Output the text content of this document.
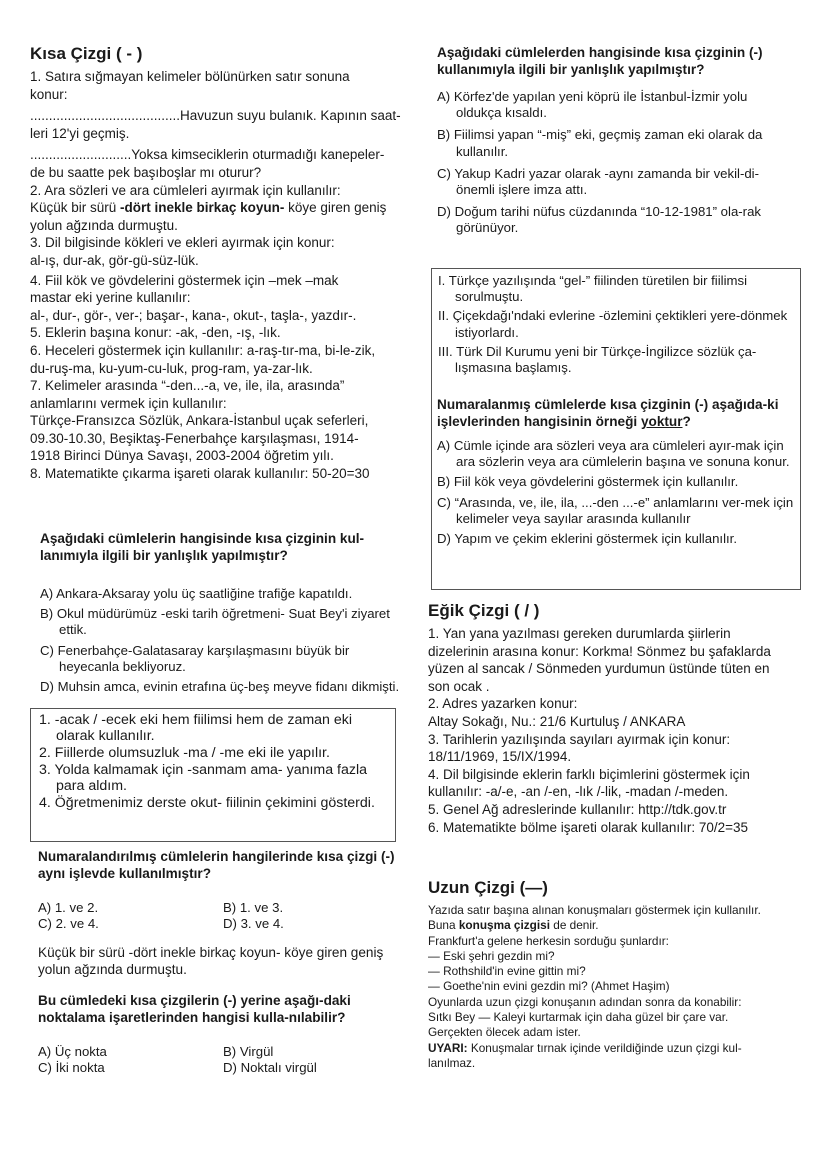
Kısa Çizgi ( - )
1. Satıra sığmayan kelimeler bölünürken satır sonuna
konur:
........................................Havuzun suyu bulanık. Kapının saat-
leri 12'yi geçmiş.
...........................Yoksa kimseciklerin oturmadığı kanepeler-
de bu saatte pek başıboşlar mı oturur?
2. Ara sözleri ve ara cümleleri ayırmak için kullanılır:
Küçük bir sürü -dört inekle birkaç koyun- köye giren geniş
yolun ağzında durmuştu.
3. Dil bilgisinde kökleri ve ekleri ayırmak için konur:
al-ış, dur-ak, gör-gü-süz-lük.
4. Fiil kök ve gövdelerini göstermek için –mek –mak
mastar eki yerine kullanılır:
al-, dur-, gör-, ver-; başar-, kana-, okut-, taşla-, yazdır-.
5. Eklerin başına konur: -ak, -den, -ış, -lık.
6. Heceleri göstermek için kullanılır: a-raş-tır-ma, bi-le-zik,
du-ruş-ma, ku-yum-cu-luk, prog-ram, ya-zar-lık.
7. Kelimeler arasında “-den...-a, ve, ile, ila, arasında”
anlamlarını vermek için kullanılır:
Türkçe-Fransızca Sözlük, Ankara-İstanbul uçak seferleri,
09.30-10.30, Beşiktaş-Fenerbahçe karşılaşması, 1914-
1918 Birinci Dünya Savaşı, 2003-2004 öğretim yılı.
8. Matematikte çıkarma işareti olarak kullanılır: 50-20=30
Aşağıdaki cümlelerin hangisinde kısa çizginin kul-lanımıyla ilgili bir yanlışlık yapılmıştır?
A) Ankara-Aksaray yolu üç saatliğine trafiğe kapatıldı.
B) Okul müdürümüz -eski tarih öğretmeni- Suat Bey'i ziyaret ettik.
C) Fenerbahçe-Galatasaray karşılaşmasını büyük bir heyecanla bekliyoruz.
D) Muhsin amca, evinin etrafına üç-beş meyve fidanı dikmişti.
1. -acak / -ecek eki hem fiilimsi hem de zaman eki olarak kullanılır.
2. Fiillerde olumsuzluk -ma / -me eki ile yapılır.
3. Yolda kalmamak için -sanmam ama- yanıma fazla para aldım.
4. Öğretmenimiz derste okut- fiilinin çekimini gösterdi.
Numaralandırılmış cümlelerin hangilerinde kısa çizgi (-) aynı işlevde kullanılmıştır?
A) 1. ve 2.	B) 1. ve 3.
C) 2. ve 4.	D) 3. ve 4.
Küçük bir sürü -dört inekle birkaç koyun- köye giren geniş yolun ağzında durmuştu.
Bu cümledeki kısa çizgilerin (-) yerine aşağı-daki noktalama işaretlerinden hangisi kulla-nılabilir?
A) Üç nokta	B) Virgül
C) İki nokta	D) Noktalı virgül
Aşağıdaki cümlelerden hangisinde kısa çizginin (-) kullanımıyla ilgili bir yanlışlık yapılmıştır?
A) Körfez'de yapılan yeni köprü ile İstanbul-İzmir yolu oldukça kısaldı.
B) Fiilimsi yapan “-miş” eki, geçmiş zaman eki olarak da kullanılır.
C) Yakup Kadri yazar olarak -aynı zamanda bir vekil-di- önemli işlere imza attı.
D) Doğum tarihi nüfus cüzdanında “10-12-1981” ola-rak görünüyor.
I. Türkçe yazılışında “gel-” fiilinden türetilen bir fiilimsi sorulmuştu.
II. Çiçekdağı'ndaki evlerine -özlemini çektikleri yere-dönmek istiyorlardı.
III. Türk Dil Kurumu yeni bir Türkçe-İngilizce sözlük ça-lışmasına başlamış.
Numaralanmış cümlelerde kısa çizginin (-) aşağıda-ki işlevlerinden hangisinin örneği yoktur?
A) Cümle içinde ara sözleri veya ara cümleleri ayır-mak için ara sözlerin veya ara cümlelerin başına ve sonuna konur.
B) Fiil kök veya gövdelerini göstermek için kullanılır.
C) “Arasında, ve, ile, ila, ...-den ...-e” anlamlarını ver-mek için kelimeler veya sayılar arasında kullanılır
D) Yapım ve çekim eklerini göstermek için kullanılır.
Eğik Çizgi ( / )
1. Yan yana yazılması gereken durumlarda şiirlerin
dizelerinin arasına konur: Korkma! Sönmez bu şafaklarda
yüzen al sancak / Sönmeden yurdumun üstünde tüten en
son ocak .
2. Adres yazarken konur:
Altay Sokağı, Nu.: 21/6 Kurtuluş / ANKARA
3. Tarihlerin yazılışında sayıları ayırmak için konur:
18/11/1969, 15/IX/1994.
4. Dil bilgisinde eklerin farklı biçimlerini göstermek için
kullanılır: -a/-e, -an /-en, -lık /-lik, -madan /-meden.
5. Genel Ağ adreslerinde kullanılır: http://tdk.gov.tr
6. Matematikte bölme işareti olarak kullanılır: 70/2=35
Uzun Çizgi (—)
Yazıda satır başına alınan konuşmaları göstermek için kullanılır.
Buna konuşma çizgisi de denir.
Frankfurt'a gelene herkesin sorduğu şunlardır:
— Eski şehri gezdin mi?
— Rothshild'in evine gittin mi?
— Goethe'nin evini gezdin mi? (Ahmet Haşim)
Oyunlarda uzun çizgi konuşanın adından sonra da konabilir:
Sıtkı Bey — Kaleyi kurtarmak için daha güzel bir çare var.
Gerçekten ölecek adam ister.
UYARI: Konuşmalar tırnak içinde verildiğinde uzun çizgi kul-
lanılmaz.
